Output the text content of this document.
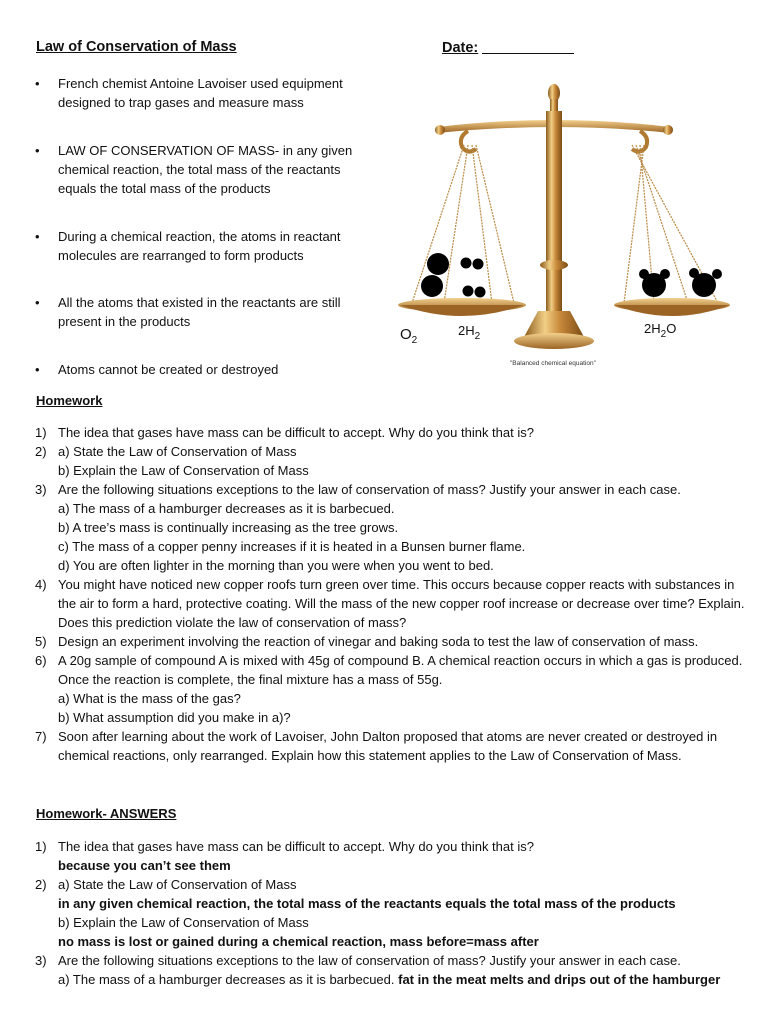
Law of Conservation of Mass	Date:
• French chemist Antoine Lavoiser used equipment designed to trap gases and measure mass
• LAW OF CONSERVATION OF MASS- in any given chemical reaction, the total mass of the reactants equals the total mass of the products
• During a chemical reaction, the atoms in reactant molecules are rearranged to form products
• All the atoms that existed in the reactants are still present in the products
• Atoms cannot be created or destroyed
$O_2$
$2H_2$
$2H_2O$
"Balanced chemical equation"
Homework
1) The idea that gases have mass can be difficult to accept. Why do you think that is?
2) a) State the Law of Conservation of Mass
b) Explain the Law of Conservation of Mass
3) Are the following situations exceptions to the law of conservation of mass? Justify your answer in each case.
a) The mass of a hamburger decreases as it is barbecued.
b) A tree’s mass is continually increasing as the tree grows.
c) The mass of a copper penny increases if it is heated in a Bunsen burner flame.
d) You are often lighter in the morning than you were when you went to bed.
4) You might have noticed new copper roofs turn green over time. This occurs because copper reacts with substances in the air to form a hard, protective coating. Will the mass of the new copper roof increase or decrease over time? Explain. Does this prediction violate the law of conservation of mass?
5) Design an experiment involving the reaction of vinegar and baking soda to test the law of conservation of mass.
6) A 20g sample of compound A is mixed with 45g of compound B. A chemical reaction occurs in which a gas is produced. Once the reaction is complete, the final mixture has a mass of 55g.
a) What is the mass of the gas?
b) What assumption did you make in a)?
7) Soon after learning about the work of Lavoiser, John Dalton proposed that atoms are never created or destroyed in chemical reactions, only rearranged. Explain how this statement applies to the Law of Conservation of Mass.
Homework- ANSWERS
1) The idea that gases have mass can be difficult to accept. Why do you think that is?
because you can’t see them
2) a) State the Law of Conservation of Mass
in any given chemical reaction, the total mass of the reactants equals the total mass of the products
b) Explain the Law of Conservation of Mass
no mass is lost or gained during a chemical reaction, mass before=mass after
3) Are the following situations exceptions to the law of conservation of mass? Justify your answer in each case.
a) The mass of a hamburger decreases as it is barbecued. fat in the meat melts and drips out of the hamburger
